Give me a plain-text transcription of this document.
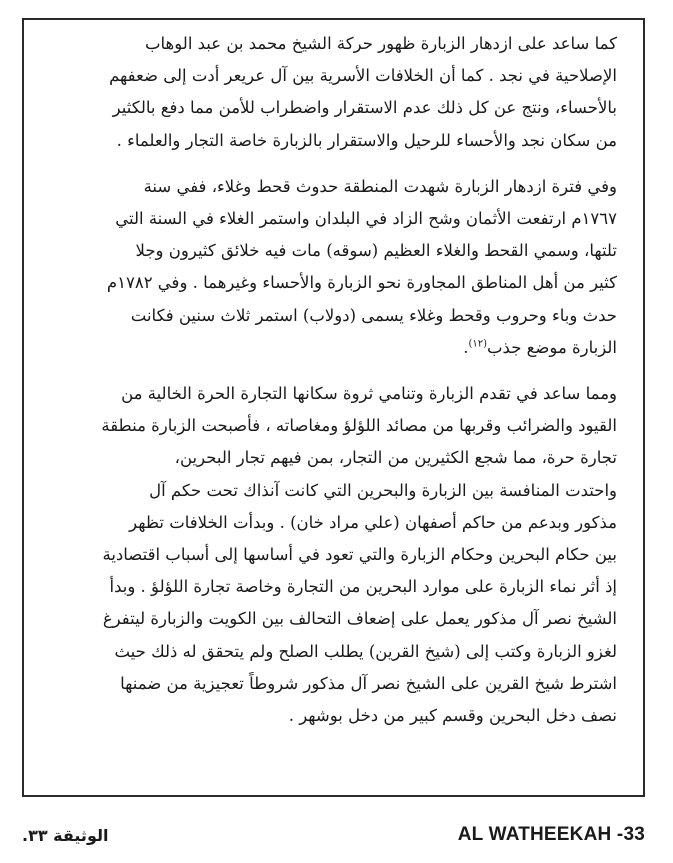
كما ساعد على ازدهار الزبارة ظهور حركة الشيخ محمد بن عبد الوهاب

الإصلاحية في نجد . كما أن الخلافات الأسرية بين آل عريعر أدت إلى ضعفهم

بالأحساء، ونتج عن كل ذلك عدم الاستقرار واضطراب للأمن مما دفع بالكثير

من سكان نجد والأحساء للرحيل والاستقرار بالزبارة خاصة التجار والعلماء .

وفي فترة ازدهار الزبارة شهدت المنطقة حدوث قحط وغلاء، ففي سنة

١٧٦٧م ارتفعت الأثمان وشح الزاد في البلدان واستمر الغلاء في السنة التي

تلتها، وسمي القحط والغلاء العظيم (سوقه) مات فيه خلائق كثيرون وجلا

كثير من أهل المناطق المجاورة نحو الزبارة والأحساء وغيرهما . وفي ١٧٨٢م

حدث وباء وحروب وقحط وغلاء يسمى (دولاب) استمر ثلاث سنين فكانت

الزبارة موضع جذب$^{(١٢)}$.

ومما ساعد في تقدم الزبارة وتنامي ثروة سكانها التجارة الحرة الخالية من

القيود والضرائب وقربها من مصائد اللؤلؤ ومغاصاته ، فأصبحت الزبارة منطقة

تجارة حرة، مما شجع الكثيرين من التجار، بمن فيهم تجار البحرين،

واحتدت المنافسة بين الزبارة والبحرين التي كانت آنذاك تحت حكم آل

مذكور وبدعم من حاكم أصفهان (علي مراد خان) . وبدأت الخلافات تظهر

بين حكام البحرين وحكام الزبارة والتي تعود في أساسها إلى أسباب اقتصادية

إذ أثر نماء الزبارة على موارد البحرين من التجارة وخاصة تجارة اللؤلؤ . وبدأ

الشيخ نصر آل مذكور يعمل على إضعاف التحالف بين الكويت والزبارة ليتفرغ

لغزو الزبارة وكتب إلى (شيخ القرين) يطلب الصلح ولم يتحقق له ذلك حيث

اشترط شيخ القرين على الشيخ نصر آل مذكور شروطاً تعجيزية من ضمنها

نصف دخل البحرين وقسم كبير من دخل بوشهر .

الوثيقة ٣٣.	AL WATHEEKAH -33
